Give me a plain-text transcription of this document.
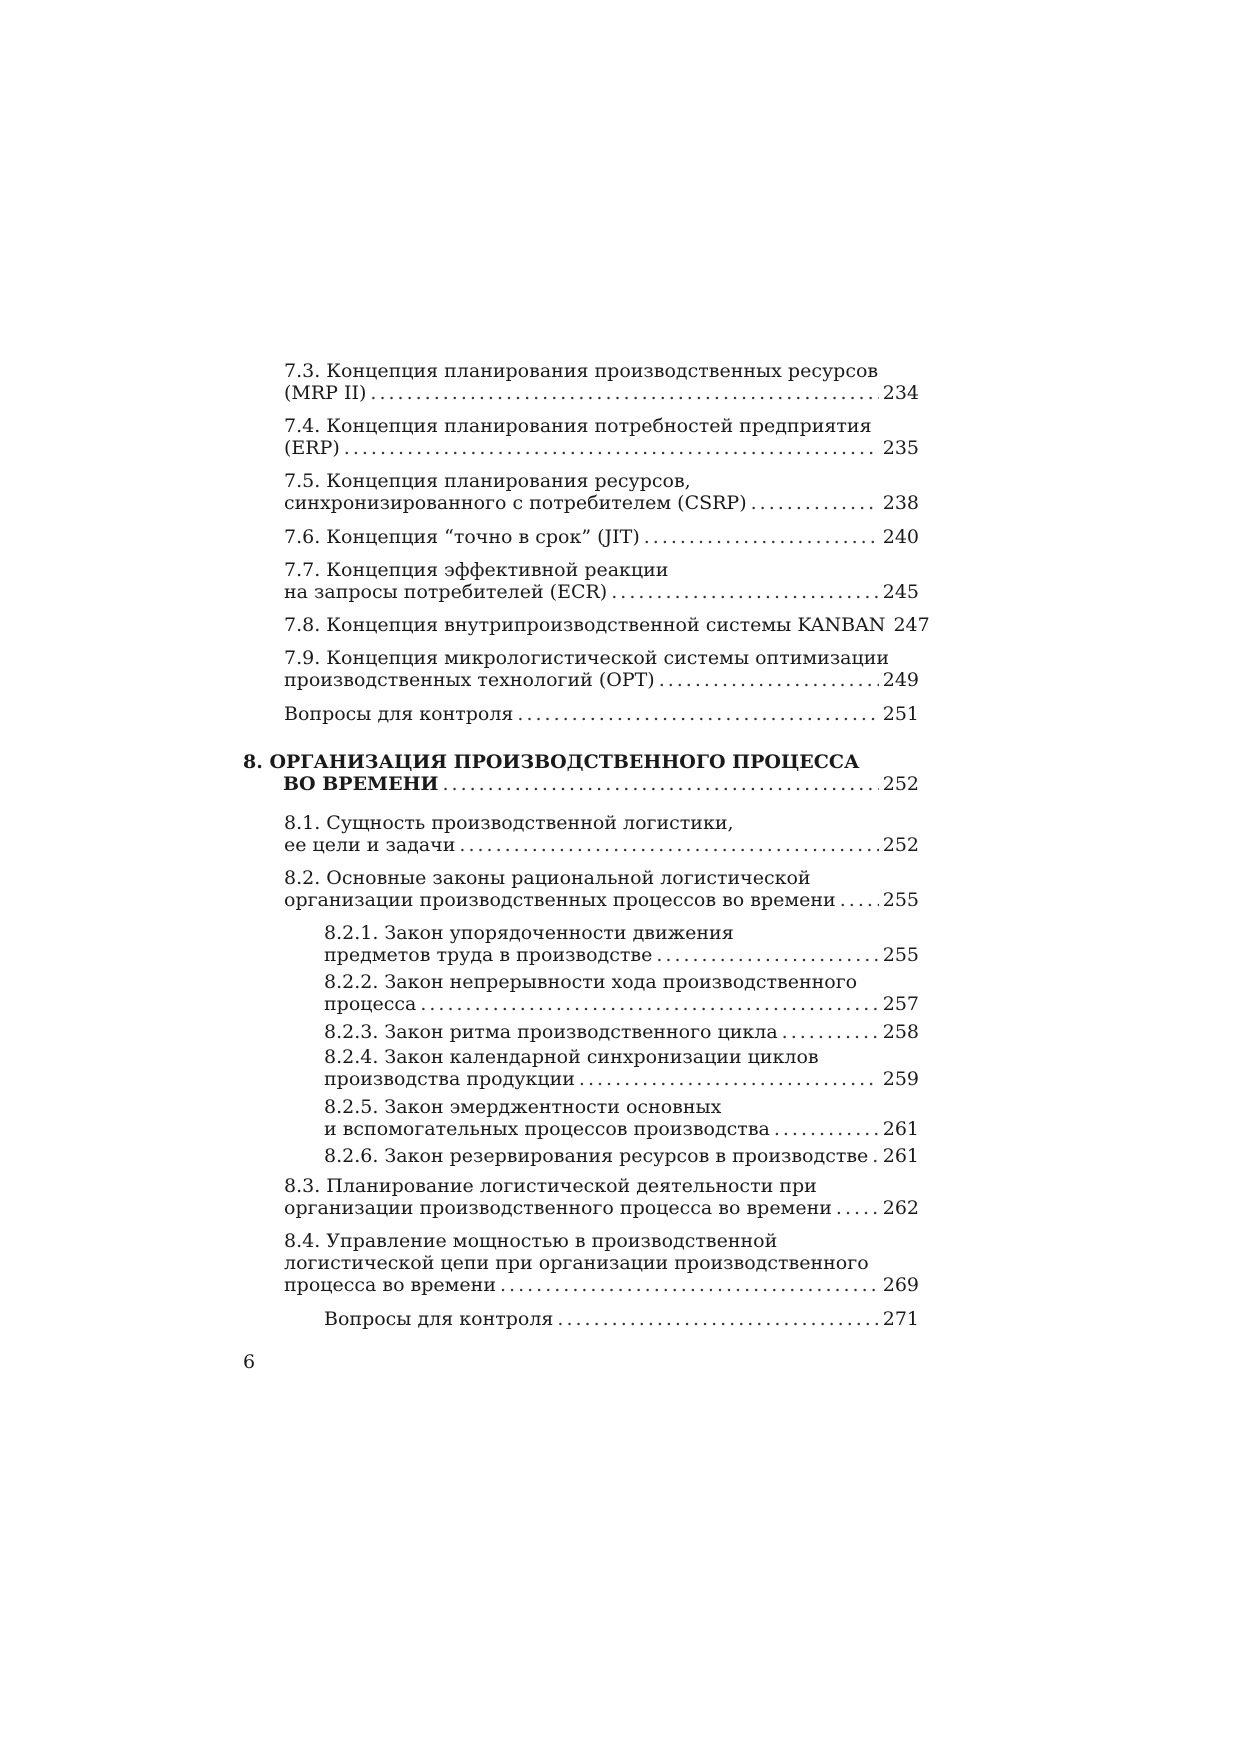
7.3. Концепция планирования производственных ресурсов
(MRP II) .....	234
7.4. Концепция планирования потребностей предприятия
(ERP) .....	235
7.5. Концепция планирования ресурсов,
синхронизированного с потребителем (CSRP) .....	238
7.6. Концепция “точно в срок” (JIT) .....	240
7.7. Концепция эффективной реакции
на запросы потребителей (ECR) .....	245
7.8. Концепция внутрипроизводственной системы KANBAN 247
7.9. Концепция микрологистической системы оптимизации
производственных технологий (OPT) .....	249
Вопросы для контроля .....	251
8. ОРГАНИЗАЦИЯ ПРОИЗВОДСТВЕННОГО ПРОЦЕССА
ВО ВРЕМЕНИ .....	252
8.1. Сущность производственной логистики,
ее цели и задачи .....	252
8.2. Основные законы рациональной логистической
организации производственных процессов во времени ..... 255
8.2.1. Закон упорядоченности движения
предметов труда в производстве .....	255
8.2.2. Закон непрерывности хода производственного
процесса .....	257
8.2.3. Закон ритма производственного цикла .....	258
8.2.4. Закон календарной синхронизации циклов
производства продукции .....	259
8.2.5. Закон эмерджентности основных
и вспомогательных процессов производства .....	261
8.2.6. Закон резервирования ресурсов в производстве ..... 261
8.3. Планирование логистической деятельности при
организации производственного процесса во времени .....	262
8.4. Управление мощностью в производственной
логистической цепи при организации производственного
процесса во времени .....	269
Вопросы для контроля .....	271
6
